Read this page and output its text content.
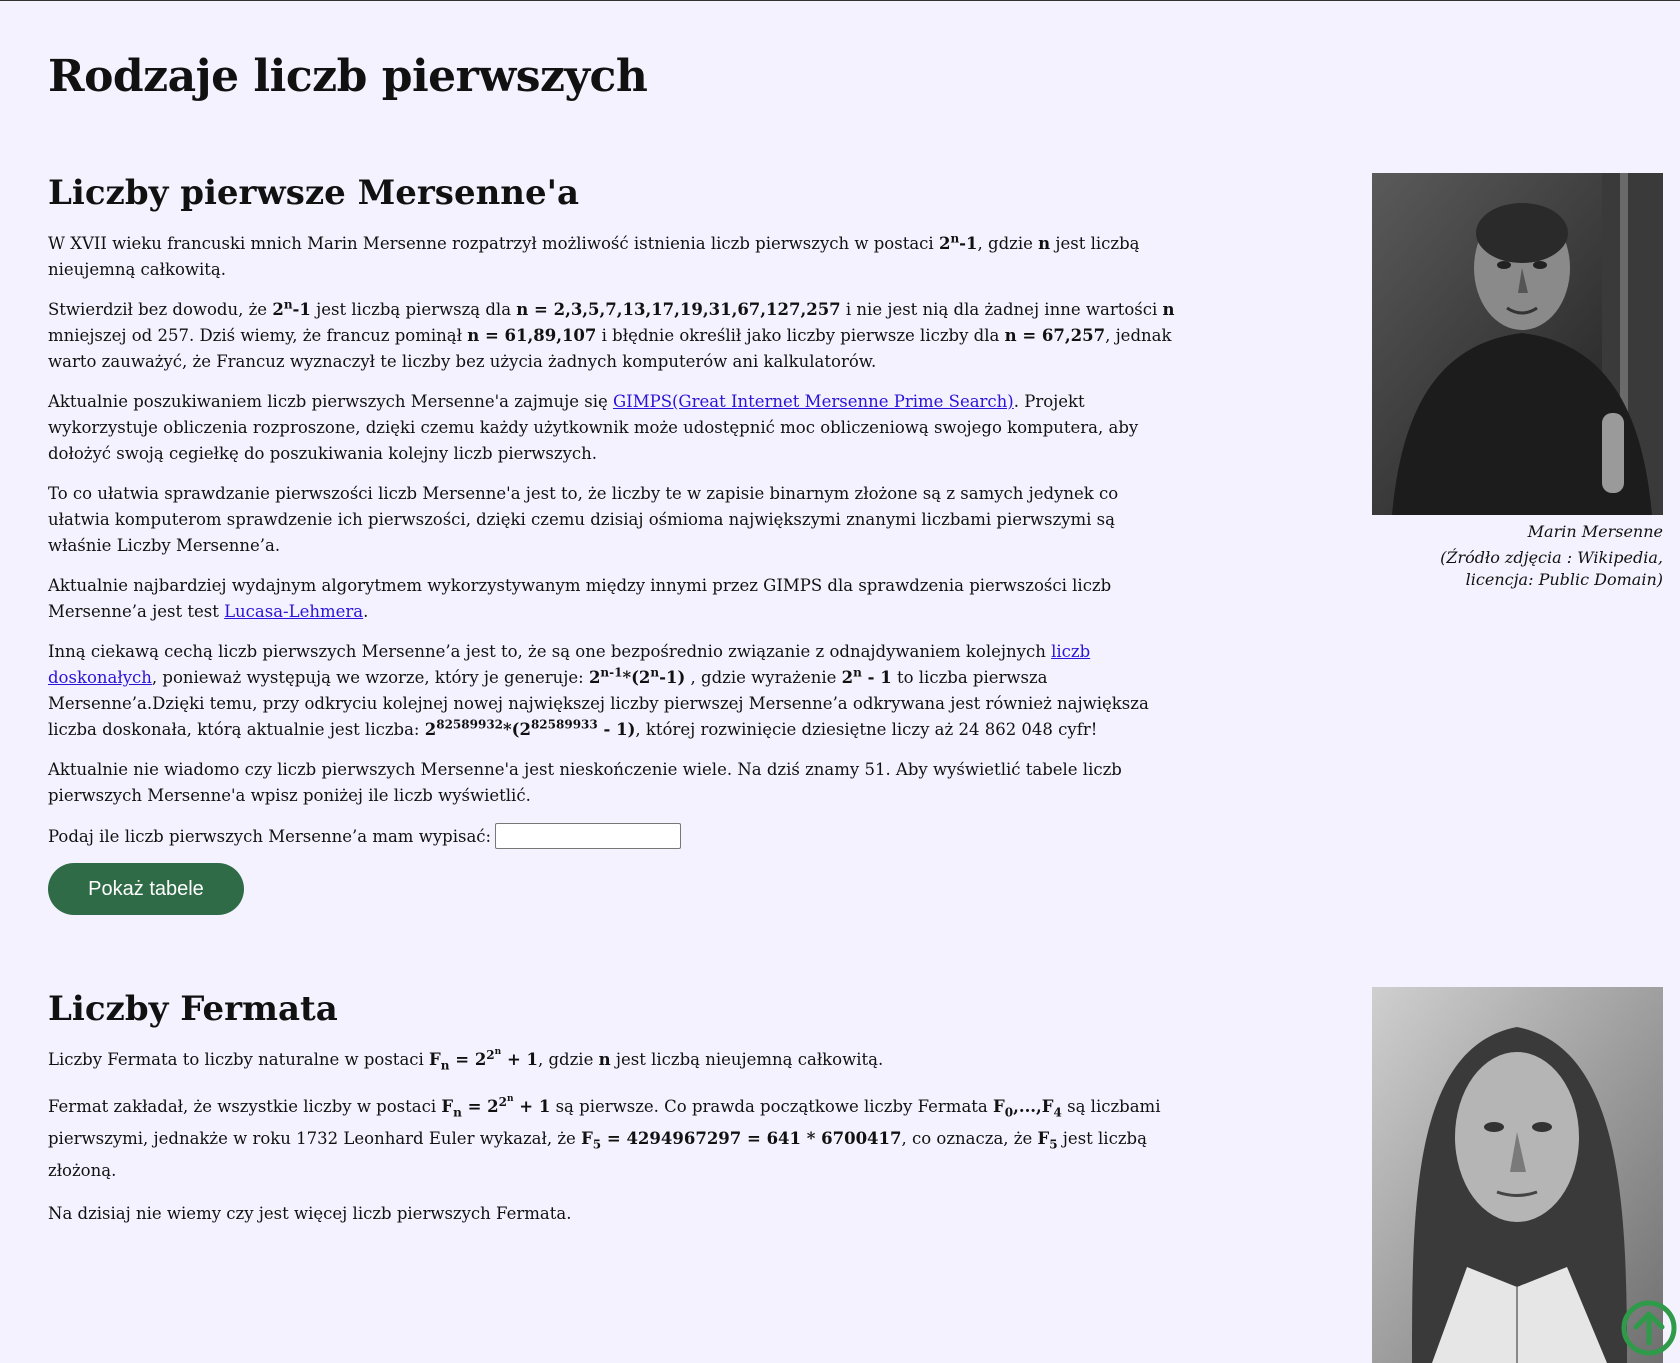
Rodzaje liczb pierwszych
Liczby pierwsze Mersenne'a

W XVII wieku francuski mnich Marin Mersenne rozpatrzył możliwość istnienia liczb pierwszych w postaci 2$^n$-1, gdzie n jest liczbą nieujemną całkowitą.

Stwierdził bez dowodu, że 2$^n$-1 jest liczbą pierwszą dla n = 2,3,5,7,13,17,19,31,67,127,257 i nie jest nią dla żadnej inne wartości n mniejszej od 257. Dziś wiemy, że francuz pominął n = 61,89,107 i błędnie określił jako liczby pierwsze liczby dla n = 67,257, jednak warto zauważyć, że Francuz wyznaczył te liczby bez użycia żadnych komputerów ani kalkulatorów.

Aktualnie poszukiwaniem liczb pierwszych Mersenne'a zajmuje się GIMPS(Great Internet Mersenne Prime Search). Projekt wykorzystuje obliczenia rozproszone, dzięki czemu każdy użytkownik może udostępnić moc obliczeniową swojego komputera, aby dołożyć swoją cegiełkę do poszukiwania kolejny liczb pierwszych.

To co ułatwia sprawdzanie pierwszości liczb Mersenne'a jest to, że liczby te w zapisie binarnym złożone są z samych jedynek co ułatwia komputerom sprawdzenie ich pierwszości, dzięki czemu dzisiaj ośmioma największymi znanymi liczbami pierwszymi są właśnie Liczby Mersenne’a.

Aktualnie najbardziej wydajnym algorytmem wykorzystywanym między innymi przez GIMPS dla sprawdzenia pierwszości liczb Mersenne’a jest test Lucasa-Lehmera.

Inną ciekawą cechą liczb pierwszych Mersenne’a jest to, że są one bezpośrednio związanie z odnajdywaniem kolejnych liczb doskonałych, ponieważ występują we wzorze, który je generuje: 2$^{n-1}$*(2$^n$-1) , gdzie wyrażenie 2$^n$ - 1 to liczba pierwsza Mersenne’a.Dzięki temu, przy odkryciu kolejnej nowej największej liczby pierwszej Mersenne’a odkrywana jest również największa liczba doskonała, którą aktualnie jest liczba: $2^{82589932}*(2^{82589933} - 1)$, której rozwinięcie dziesiętne liczy aż 24 862 048 cyfr!

Aktualnie nie wiadomo czy liczb pierwszych Mersenne'a jest nieskończenie wiele. Na dziś znamy 51. Aby wyświetlić tabele liczb pierwszych Mersenne'a wpisz poniżej ile liczb wyświetlić.

Podaj ile liczb pierwszych Mersenne’a mam wypisać:
Pokaż tabele
Marin Mersenne
(Źródło zdjęcia : Wikipedia, licencja: Public Domain)
Liczby Fermata

Liczby Fermata to liczby naturalne w postaci $F_n = 2^{2^n} + 1$, gdzie n jest liczbą nieujemną całkowitą.

Fermat zakładał, że wszystkie liczby w postaci $F_n = 2^{2^n} + 1$ są pierwsze. Co prawda początkowe liczby Fermata $F_0,...,F_4$ są liczbami pierwszymi, jednakże w roku 1732 Leonhard Euler wykazał, że $F_5 = 4294967297 = 641 * 6700417$, co oznacza, że $F_5$ jest liczbą złożoną.

Na dzisiaj nie wiemy czy jest więcej liczb pierwszych Fermata.
